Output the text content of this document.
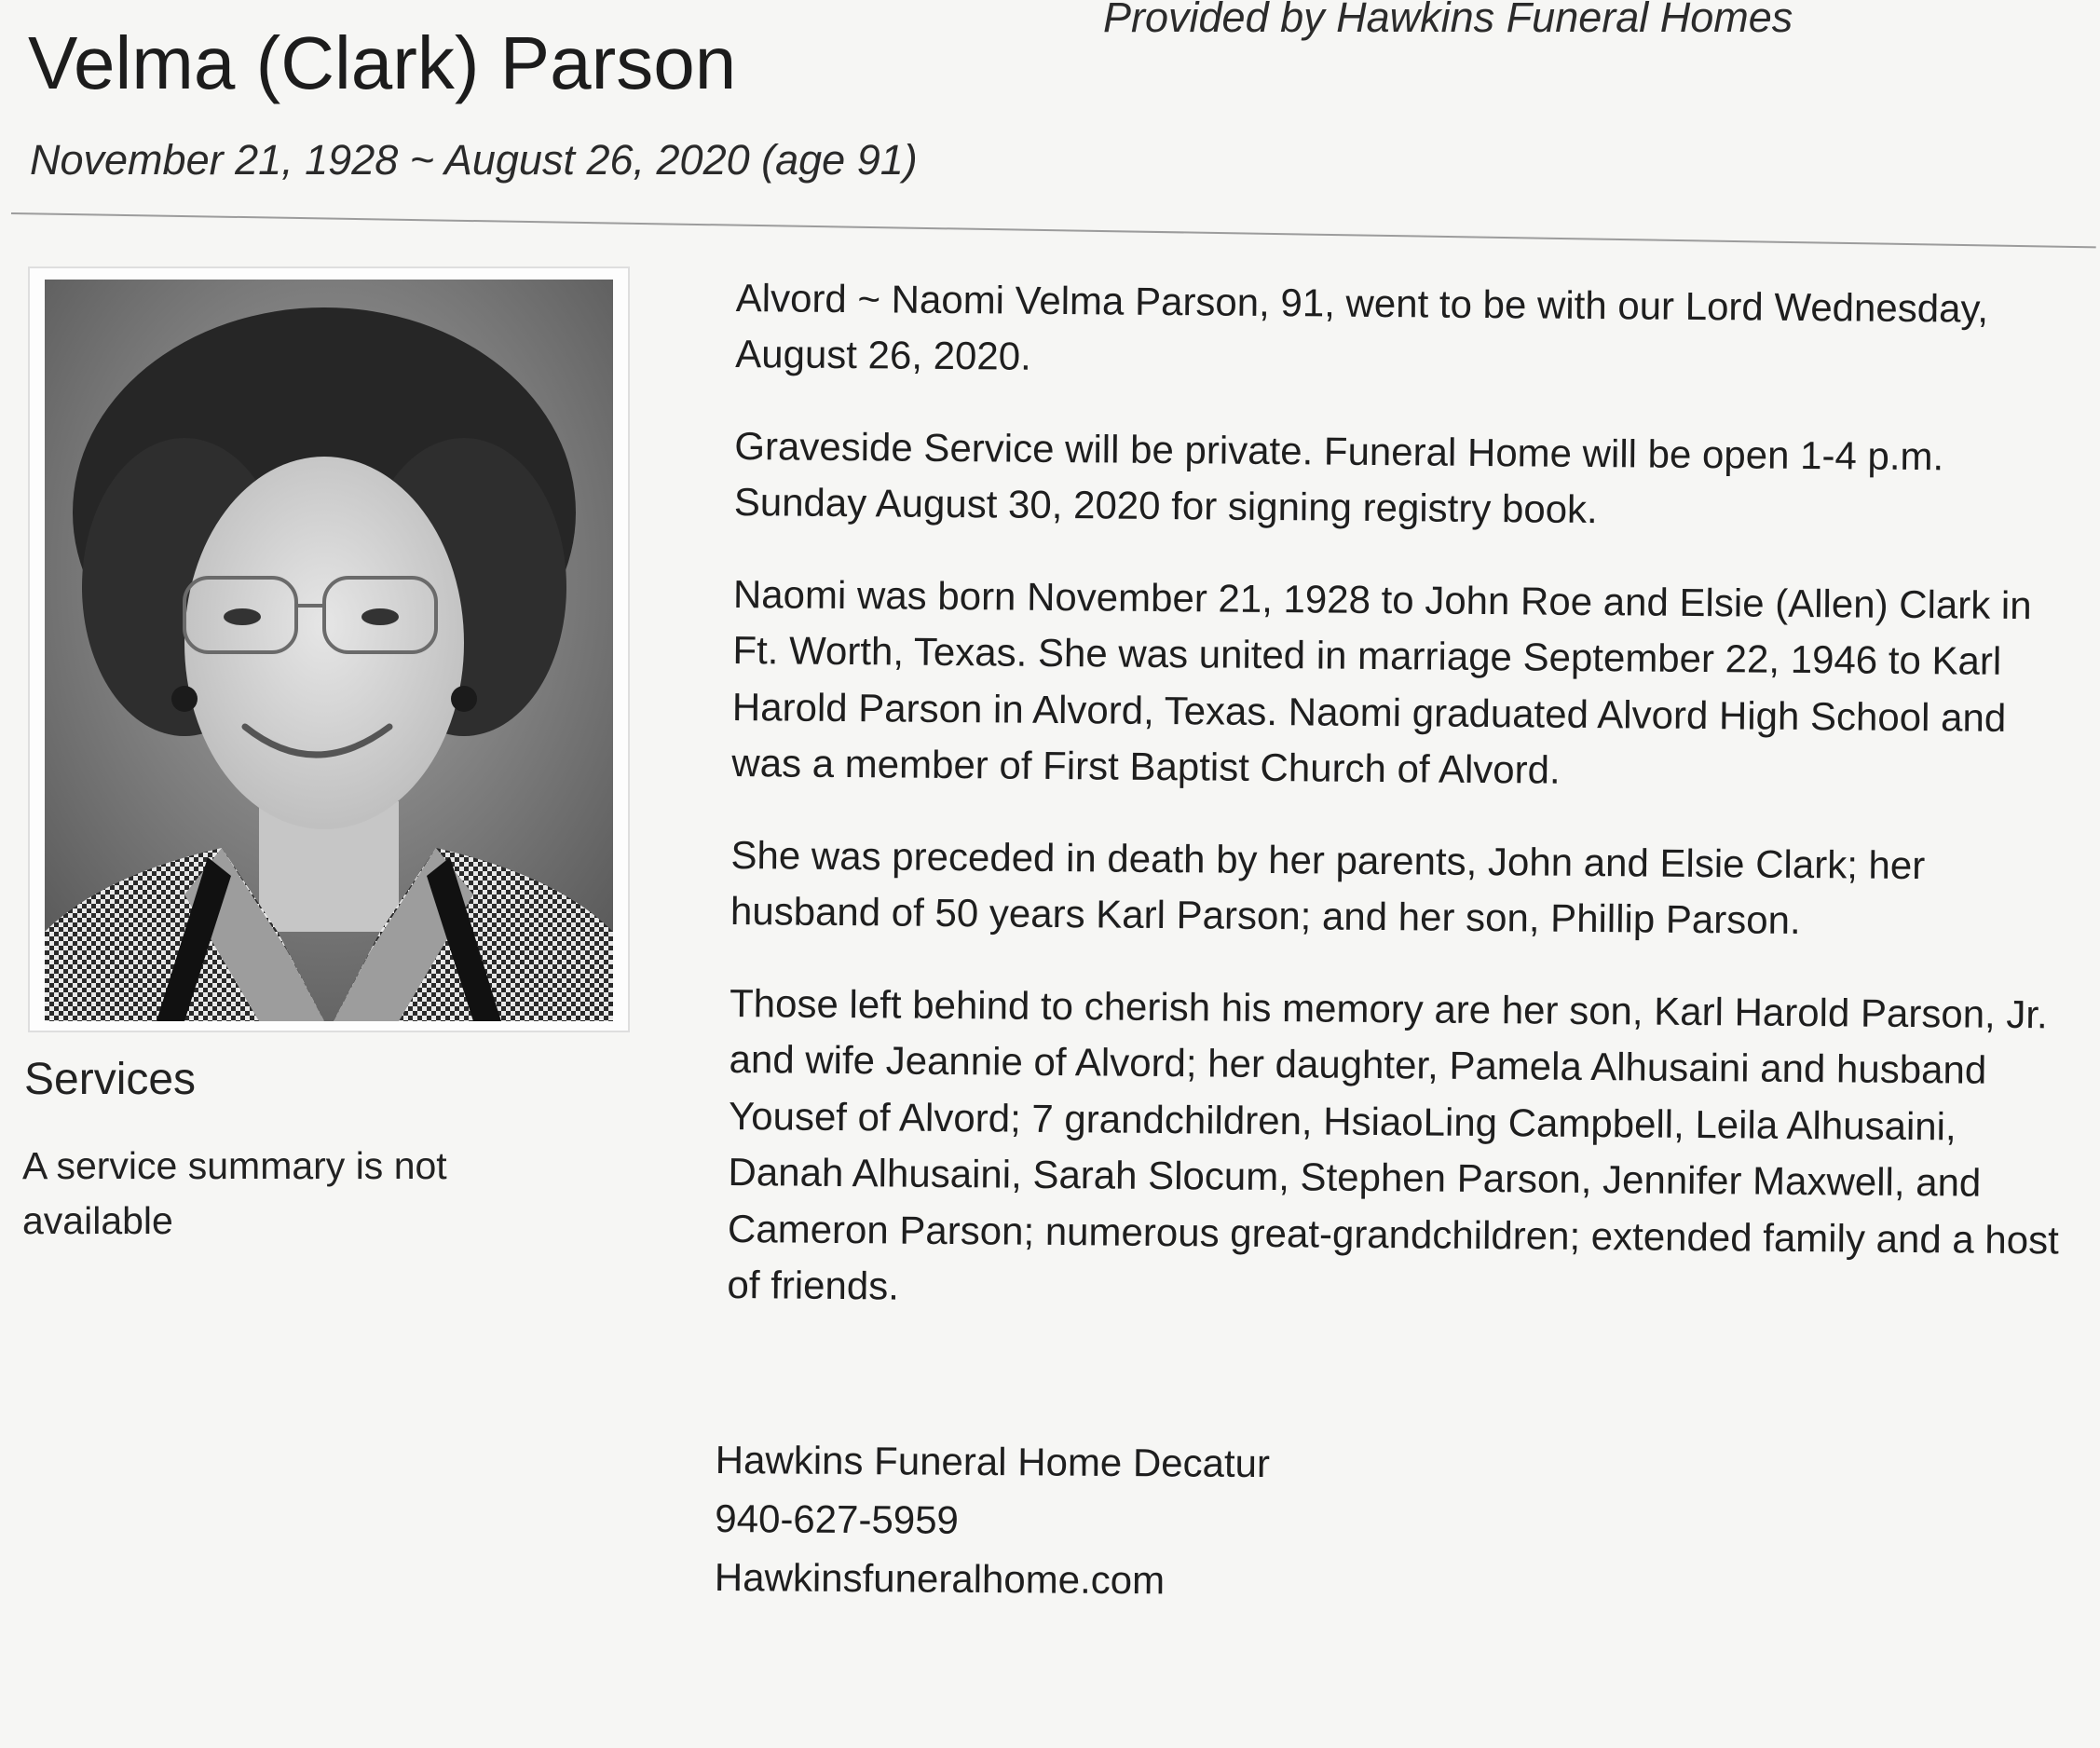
Provided by Hawkins Funeral Homes
Velma (Clark) Parson
November 21, 1928 ~ August 26, 2020 (age 91)
Services
A service summary is not available

Alvord ~ Naomi Velma Parson, 91, went to be with our Lord Wednesday, August 26, 2020.

Graveside Service will be private. Funeral Home will be open 1-4 p.m. Sunday August 30, 2020 for signing registry book.

Naomi was born November 21, 1928 to John Roe and Elsie (Allen) Clark in Ft. Worth, Texas. She was united in marriage September 22, 1946 to Karl Harold Parson in Alvord, Texas. Naomi graduated Alvord High School and was a member of First Baptist Church of Alvord.

She was preceded in death by her parents, John and Elsie Clark; her husband of 50 years Karl Parson; and her son, Phillip Parson.

Those left behind to cherish his memory are her son, Karl Harold Parson, Jr. and wife Jeannie of Alvord; her daughter, Pamela Alhusaini and husband Yousef of Alvord; 7 grandchildren, HsiaoLing Campbell, Leila Alhusaini, Danah Alhusaini, Sarah Slocum, Stephen Parson, Jennifer Maxwell, and Cameron Parson; numerous great-grandchildren; extended family and a host of friends.

Hawkins Funeral Home Decatur
940-627-5959
Hawkinsfuneralhome.com
